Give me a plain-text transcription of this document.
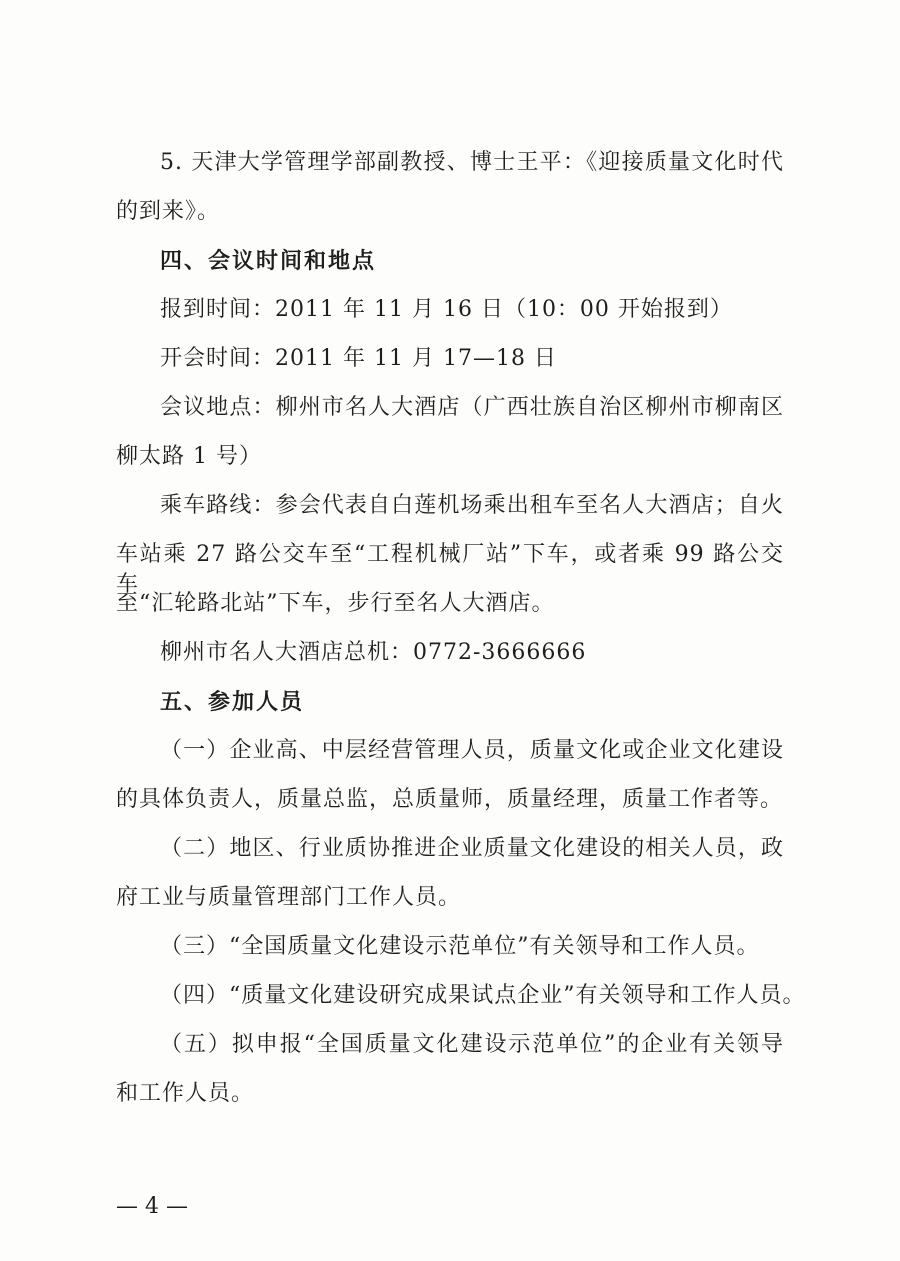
5. 天津大学管理学部副教授、博士王平：《迎接质量文化时代
的到来》。
四、会议时间和地点
报到时间：2011 年 11 月 16 日（10：00 开始报到）
开会时间：2011 年 11 月 17—18 日
会议地点：柳州市名人大酒店（广西壮族自治区柳州市柳南区
柳太路 1 号）
乘车路线：参会代表自白莲机场乘出租车至名人大酒店；自火
车站乘 27 路公交车至“工程机械厂站”下车，或者乘 99 路公交车
至“汇轮路北站”下车，步行至名人大酒店。
柳州市名人大酒店总机：0772-3666666
五、参加人员
（一）企业高、中层经营管理人员，质量文化或企业文化建设
的具体负责人，质量总监，总质量师，质量经理，质量工作者等。
（二）地区、行业质协推进企业质量文化建设的相关人员，政
府工业与质量管理部门工作人员。
（三）“全国质量文化建设示范单位”有关领导和工作人员。
（四）“质量文化建设研究成果试点企业”有关领导和工作人员。
（五）拟申报“全国质量文化建设示范单位”的企业有关领导
和工作人员。
— 4 —
